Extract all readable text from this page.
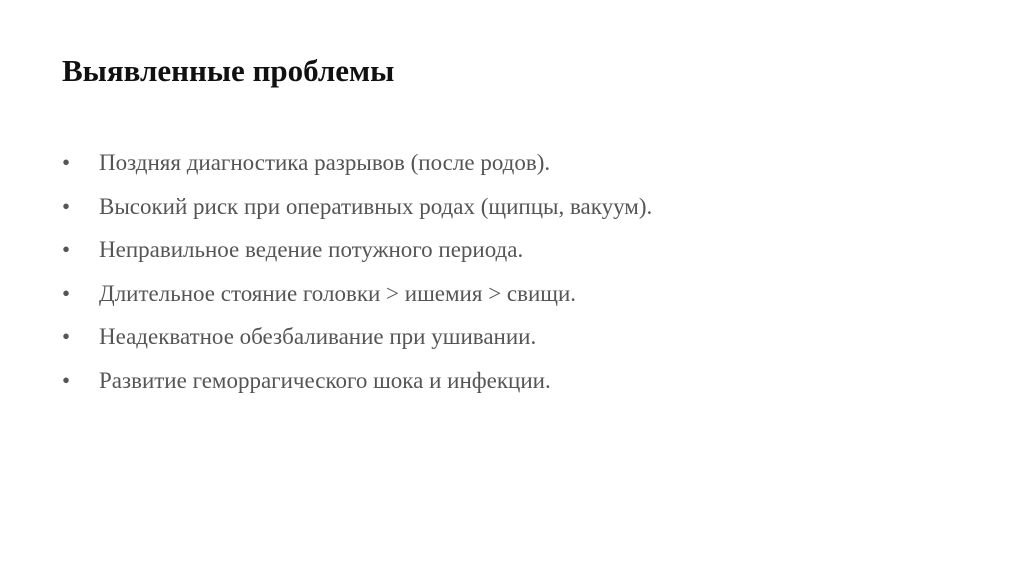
Выявленные проблемы
•	Поздняя диагностика разрывов (после родов).
•	Высокий риск при оперативных родах (щипцы, вакуум).
•	Неправильное ведение потужного периода.
•	Длительное стояние головки > ишемия > свищи.
•	Неадекватное обезбаливание при ушивании.
•	Развитие геморрагического шока и инфекции.
